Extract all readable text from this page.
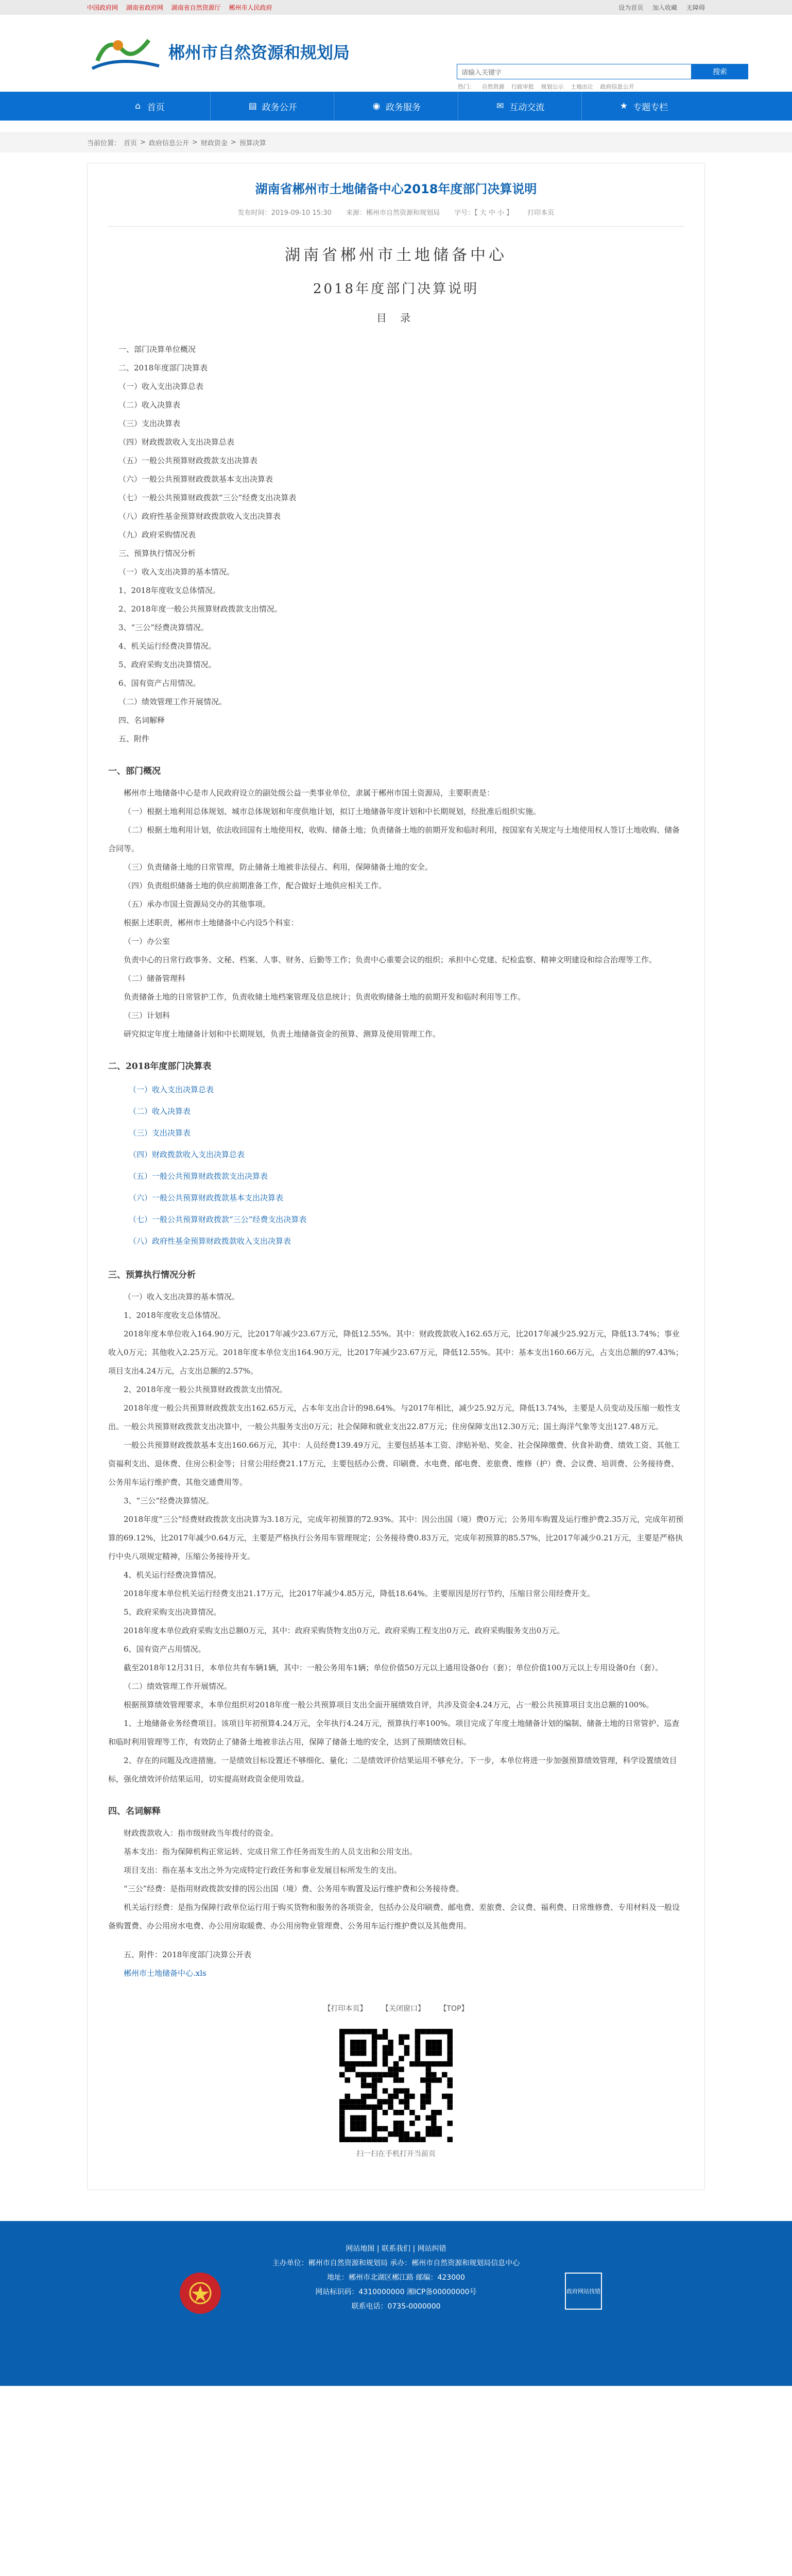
中国政府网 湖南省政府网 湖南省自然资源厅 郴州市人民政府	设为首页 加入收藏 无障碍
郴州市自然资源和规划局
请输入关键字	搜索
热门： 自然资源 行政审批 规划公示 土地出让 政府信息公开
⌂ 首页	▤ 政务公开	◉ 政务服务	✉ 互动交流	★ 专题专栏
当前位置： 首页 > 政府信息公开 > 财政资金 > 预算决算
湖南省郴州市土地储备中心2018年度部门决算说明
发布时间：2019-09-10 15:30 来源：郴州市自然资源和规划局 字号：【 大 中 小 】 打印本页
湖南省郴州市土地储备中心
2018年度部门决算说明
目 录

一、部门决算单位概况

二、2018年度部门决算表

（一）收入支出决算总表

（二）收入决算表

（三）支出决算表

（四）财政拨款收入支出决算总表

（五）一般公共预算财政拨款支出决算表

（六）一般公共预算财政拨款基本支出决算表

（七）一般公共预算财政拨款“三公”经费支出决算表

（八）政府性基金预算财政拨款收入支出决算表

（九）政府采购情况表

三、预算执行情况分析

（一）收入支出决算的基本情况。

1、2018年度收支总体情况。

2、2018年度一般公共预算财政拨款支出情况。

3、“三公”经费决算情况。

4、机关运行经费决算情况。

5、政府采购支出决算情况。

6、国有资产占用情况。

（二）绩效管理工作开展情况。

四、名词解释

五、附件

一、部门概况

郴州市土地储备中心是市人民政府设立的副处级公益一类事业单位，隶属于郴州市国土资源局，主要职责是：

（一）根据土地利用总体规划、城市总体规划和年度供地计划，拟订土地储备年度计划和中长期规划，经批准后组织实施。

（二）根据土地利用计划，依法收回国有土地使用权，收购、储备土地；负责储备土地的前期开发和临时利用，按国家有关规定与土地使用权人签订土地收购、储备合同等。

（三）负责储备土地的日常管理，防止储备土地被非法侵占、利用，保障储备土地的安全。

（四）负责组织储备土地的供应前期准备工作，配合做好土地供应相关工作。

（五）承办市国土资源局交办的其他事项。

根据上述职责，郴州市土地储备中心内设5个科室：

（一）办公室

负责中心的日常行政事务、文秘、档案、人事、财务、后勤等工作；负责中心重要会议的组织；承担中心党建、纪检监察、精神文明建设和综合治理等工作。

（二）储备管理科

负责储备土地的日常管护工作，负责收储土地档案管理及信息统计；负责收购储备土地的前期开发和临时利用等工作。

（三）计划科

研究拟定年度土地储备计划和中长期规划，负责土地储备资金的预算、测算及使用管理工作。

二、2018年度部门决算表

（一）收入支出决算总表

（二）收入决算表

（三）支出决算表

（四）财政拨款收入支出决算总表

（五）一般公共预算财政拨款支出决算表

（六）一般公共预算财政拨款基本支出决算表

（七）一般公共预算财政拨款“三公”经费支出决算表

（八）政府性基金预算财政拨款收入支出决算表

三、预算执行情况分析

（一）收入支出决算的基本情况。

1、2018年度收支总体情况。

2018年度本单位收入164.90万元，比2017年减少23.67万元，降低12.55%。其中：财政拨款收入162.65万元，比2017年减少25.92万元，降低13.74%；事业收入0万元；其他收入2.25万元。2018年度本单位支出164.90万元，比2017年减少23.67万元，降低12.55%。其中：基本支出160.66万元，占支出总额的97.43%；项目支出4.24万元，占支出总额的2.57%。

2、2018年度一般公共预算财政拨款支出情况。

2018年度一般公共预算财政拨款支出162.65万元，占本年支出合计的98.64%。与2017年相比，减少25.92万元，降低13.74%，主要是人员变动及压缩一般性支出。一般公共预算财政拨款支出决算中，一般公共服务支出0万元；社会保障和就业支出22.87万元；住房保障支出12.30万元；国土海洋气象等支出127.48万元。

一般公共预算财政拨款基本支出160.66万元，其中：人员经费139.49万元，主要包括基本工资、津贴补贴、奖金、社会保障缴费、伙食补助费、绩效工资、其他工资福利支出、退休费、住房公积金等；日常公用经费21.17万元，主要包括办公费、印刷费、水电费、邮电费、差旅费、维修（护）费、会议费、培训费、公务接待费、公务用车运行维护费、其他交通费用等。

3、“三公”经费决算情况。

2018年度“三公”经费财政拨款支出决算为3.18万元，完成年初预算的72.93%。其中：因公出国（境）费0万元；公务用车购置及运行维护费2.35万元，完成年初预算的69.12%，比2017年减少0.64万元，主要是严格执行公务用车管理规定；公务接待费0.83万元，完成年初预算的85.57%，比2017年减少0.21万元，主要是严格执行中央八项规定精神，压缩公务接待开支。

4、机关运行经费决算情况。

2018年度本单位机关运行经费支出21.17万元，比2017年减少4.85万元，降低18.64%。主要原因是厉行节约，压缩日常公用经费开支。

5、政府采购支出决算情况。

2018年度本单位政府采购支出总额0万元，其中：政府采购货物支出0万元、政府采购工程支出0万元、政府采购服务支出0万元。

6、国有资产占用情况。

截至2018年12月31日，本单位共有车辆1辆，其中：一般公务用车1辆；单位价值50万元以上通用设备0台（套）；单位价值100万元以上专用设备0台（套）。

（二）绩效管理工作开展情况。

根据预算绩效管理要求，本单位组织对2018年度一般公共预算项目支出全面开展绩效自评，共涉及资金4.24万元，占一般公共预算项目支出总额的100%。

1、土地储备业务经费项目。该项目年初预算4.24万元，全年执行4.24万元，预算执行率100%。项目完成了年度土地储备计划的编制、储备土地的日常管护、巡查和临时利用管理等工作，有效防止了储备土地被非法占用，保障了储备土地的安全，达到了预期绩效目标。

2、存在的问题及改进措施。一是绩效目标设置还不够细化、量化；二是绩效评价结果运用不够充分。下一步，本单位将进一步加强预算绩效管理，科学设置绩效目标，强化绩效评价结果运用，切实提高财政资金使用效益。

四、名词解释

财政拨款收入：指市级财政当年拨付的资金。

基本支出：指为保障机构正常运转、完成日常工作任务而发生的人员支出和公用支出。

项目支出：指在基本支出之外为完成特定行政任务和事业发展目标所发生的支出。

“三公”经费：是指用财政拨款安排的因公出国（境）费、公务用车购置及运行维护费和公务接待费。

机关运行经费：是指为保障行政单位运行用于购买货物和服务的各项资金，包括办公及印刷费、邮电费、差旅费、会议费、福利费、日常维修费、专用材料及一般设备购置费、办公用房水电费、办公用房取暖费、办公用房物业管理费、公务用车运行维护费以及其他费用。

五、附件：2018年度部门决算公开表
郴州市土地储备中心.xls
【打印本页】 【关闭窗口】 【TOP】
扫一扫在手机打开当前页

网站地图 | 联系我们 | 网站纠错

主办单位：郴州市自然资源和规划局 承办：郴州市自然资源和规划局信息中心

地址：郴州市北湖区郴江路 邮编：423000

网站标识码：4310000000 湘ICP备00000000号

联系电话：0735-0000000

政府网站找错
